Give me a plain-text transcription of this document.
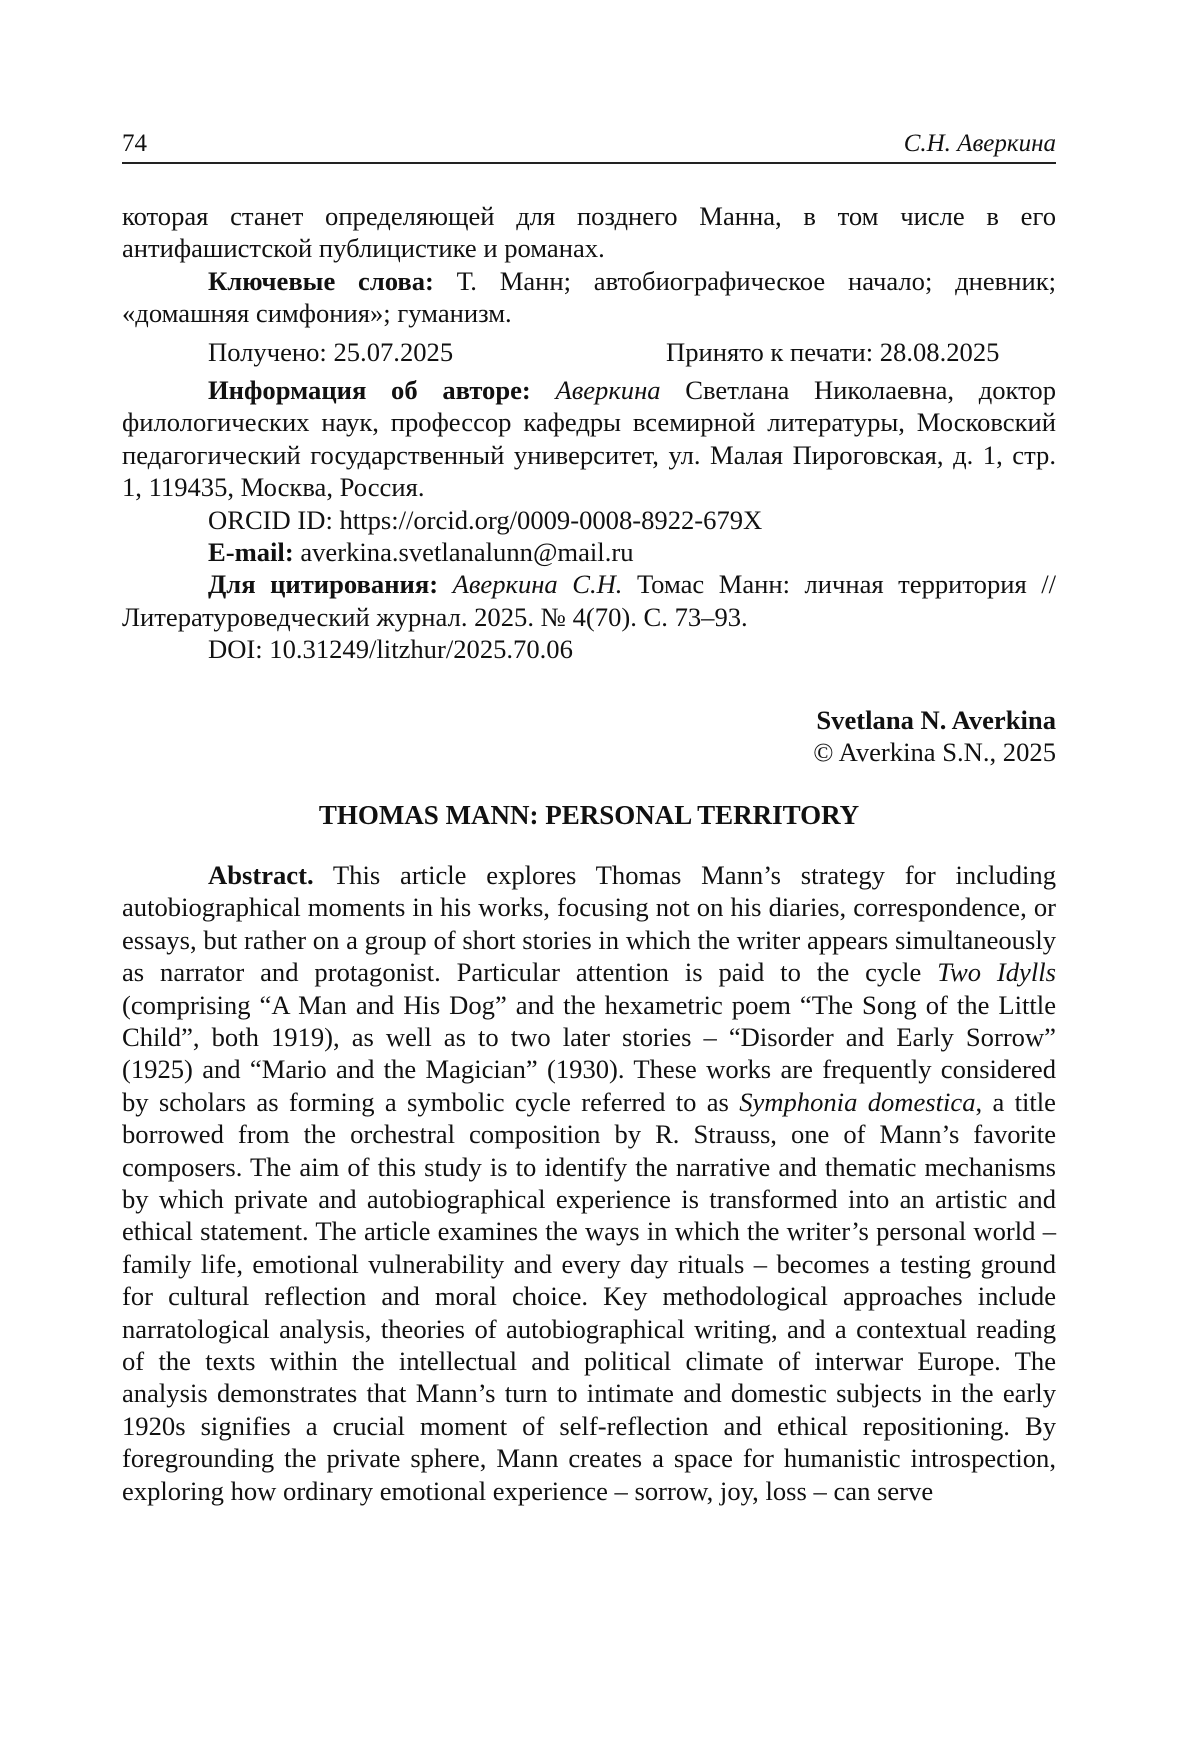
74	С.Н. Аверкина

которая станет определяющей для позднего Манна, в том числе в его антифашистской публицистике и романах.

Ключевые слова: Т. Манн; автобиографическое начало; дневник; «домашняя симфония»; гуманизм.

Получено: 25.07.2025	Принято к печати: 28.08.2025

Информация об авторе: Аверкина Светлана Николаевна, доктор филологических наук, профессор кафедры всемирной литературы, Московский педагогический государственный университет, ул. Малая Пироговская, д. 1, стр. 1, 119435, Москва, Россия.

ORCID ID: https://orcid.org/0009-0008-8922-679X

E-mail: averkina.svetlanalunn@mail.ru

Для цитирования: Аверкина С.Н. Томас Манн: личная территория // Литературоведческий журнал. 2025. № 4(70). С. 73–93.

DOI: 10.31249/litzhur/2025.70.06

Svetlana N. Averkina
© Averkina S.N., 2025
THOMAS MANN: PERSONAL TERRITORY

Abstract. This article explores Thomas Mann’s strategy for including autobiographical moments in his works, focusing not on his diaries, correspondence, or essays, but rather on a group of short stories in which the writer appears simultaneously as narrator and protagonist. Particular attention is paid to the cycle Two Idylls (comprising “A Man and His Dog” and the hexametric poem “The Song of the Little Child”, both 1919), as well as to two later stories – “Disorder and Early Sorrow” (1925) and “Mario and the Magician” (1930). These works are frequently considered by scholars as forming a symbolic cycle referred to as Symphonia domestica, a title borrowed from the orchestral composition by R. Strauss, one of Mann’s favorite composers. The aim of this study is to identify the narrative and thematic mechanisms by which private and autobiographical experience is transformed into an artistic and ethical statement. The article examines the ways in which the writer’s personal world – family life, emotional vulnerability and every day rituals – becomes a testing ground for cultural reflection and moral choice. Key methodological approaches include narratological analysis, theories of autobiographical writing, and a contextual reading of the texts within the intellectual and political climate of interwar Europe. The analysis demonstrates that Mann’s turn to intimate and domestic subjects in the early 1920s signifies a crucial moment of self-reflection and ethical repositioning. By foregrounding the private sphere, Mann creates a space for humanistic introspection, exploring how ordinary emotional experience – sorrow, joy, loss – can serve
